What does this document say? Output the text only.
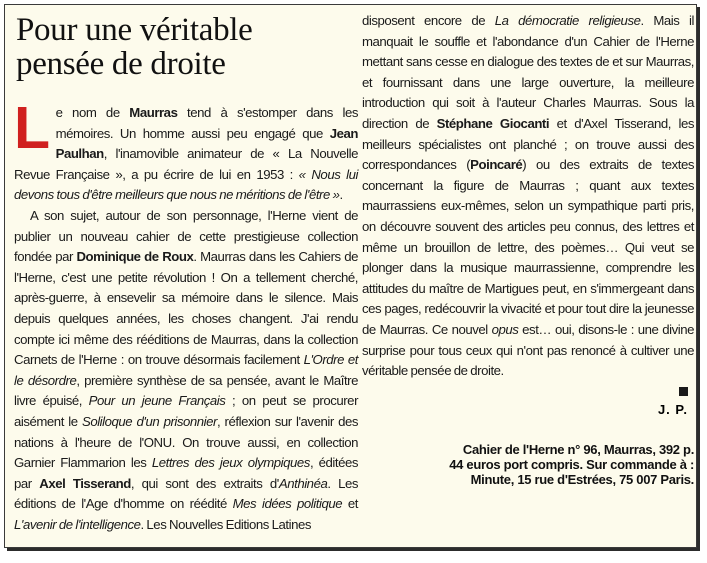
Pour une véritable
pensée de droite

Le nom de Maurras tend à s'estomper dans les mémoires. Un homme aussi peu engagé que Jean Paulhan, l'inamovible animateur de « La Nouvelle Revue Française », a pu écrire de lui en 1953 : « Nous lui devons tous d'être meilleurs que nous ne méritions de l'être ».

A son sujet, autour de son personnage, l'Herne vient de publier un nouveau cahier de cette prestigieuse collection fondée par Dominique de Roux. Maurras dans les Cahiers de l'Herne, c'est une petite révolution ! On a tellement cherché, après-guerre, à ensevelir sa mémoire dans le silence. Mais depuis quelques années, les choses changent. J'ai rendu compte ici même des rééditions de Maurras, dans la collection Carnets de l'Herne : on trouve désormais facilement L'Ordre et le désordre, première synthèse de sa pensée, avant le Maître livre épuisé, Pour un jeune Français ; on peut se procurer aisément le Soliloque d'un prisonnier, réflexion sur l'avenir des nations à l'heure de l'ONU. On trouve aussi, en collection Garnier Flammarion les Lettres des jeux olympiques, éditées par Axel Tisserand, qui sont des extraits d'Anthinéa. Les éditions de l'Age d'homme on réédité Mes idées politique et L'avenir de l'intelligence. Les Nouvelles Editions Latines

disposent encore de La démocratie religieuse. Mais il manquait le souffle et l'abondance d'un Cahier de l'Herne mettant sans cesse en dialogue des textes de et sur Maurras, et fournissant dans une large ouverture, la meilleure introduction qui soit à l'auteur Charles Maurras. Sous la direction de Stéphane Giocanti et d'Axel Tisserand, les meilleurs spécialistes ont planché ; on trouve aussi des correspondances (Poincaré) ou des extraits de textes concernant la figure de Maurras ; quant aux textes maurrassiens eux-mêmes, selon un sympathique parti pris, on découvre souvent des articles peu connus, des lettres et même un brouillon de lettre, des poèmes… Qui veut se plonger dans la musique maurrassienne, comprendre les attitudes du maître de Martigues peut, en s'immergeant dans ces pages, redécouvrir la vivacité et pour tout dire la jeunesse de Maurras. Ce nouvel opus est… oui, disons-le : une divine surprise pour tous ceux qui n'ont pas renoncé à cultiver une véritable pensée de droite.

J. P.
Cahier de l'Herne n° 96, Maurras, 392 p.
44 euros port compris. Sur commande à :
Minute, 15 rue d'Estrées, 75 007 Paris.
